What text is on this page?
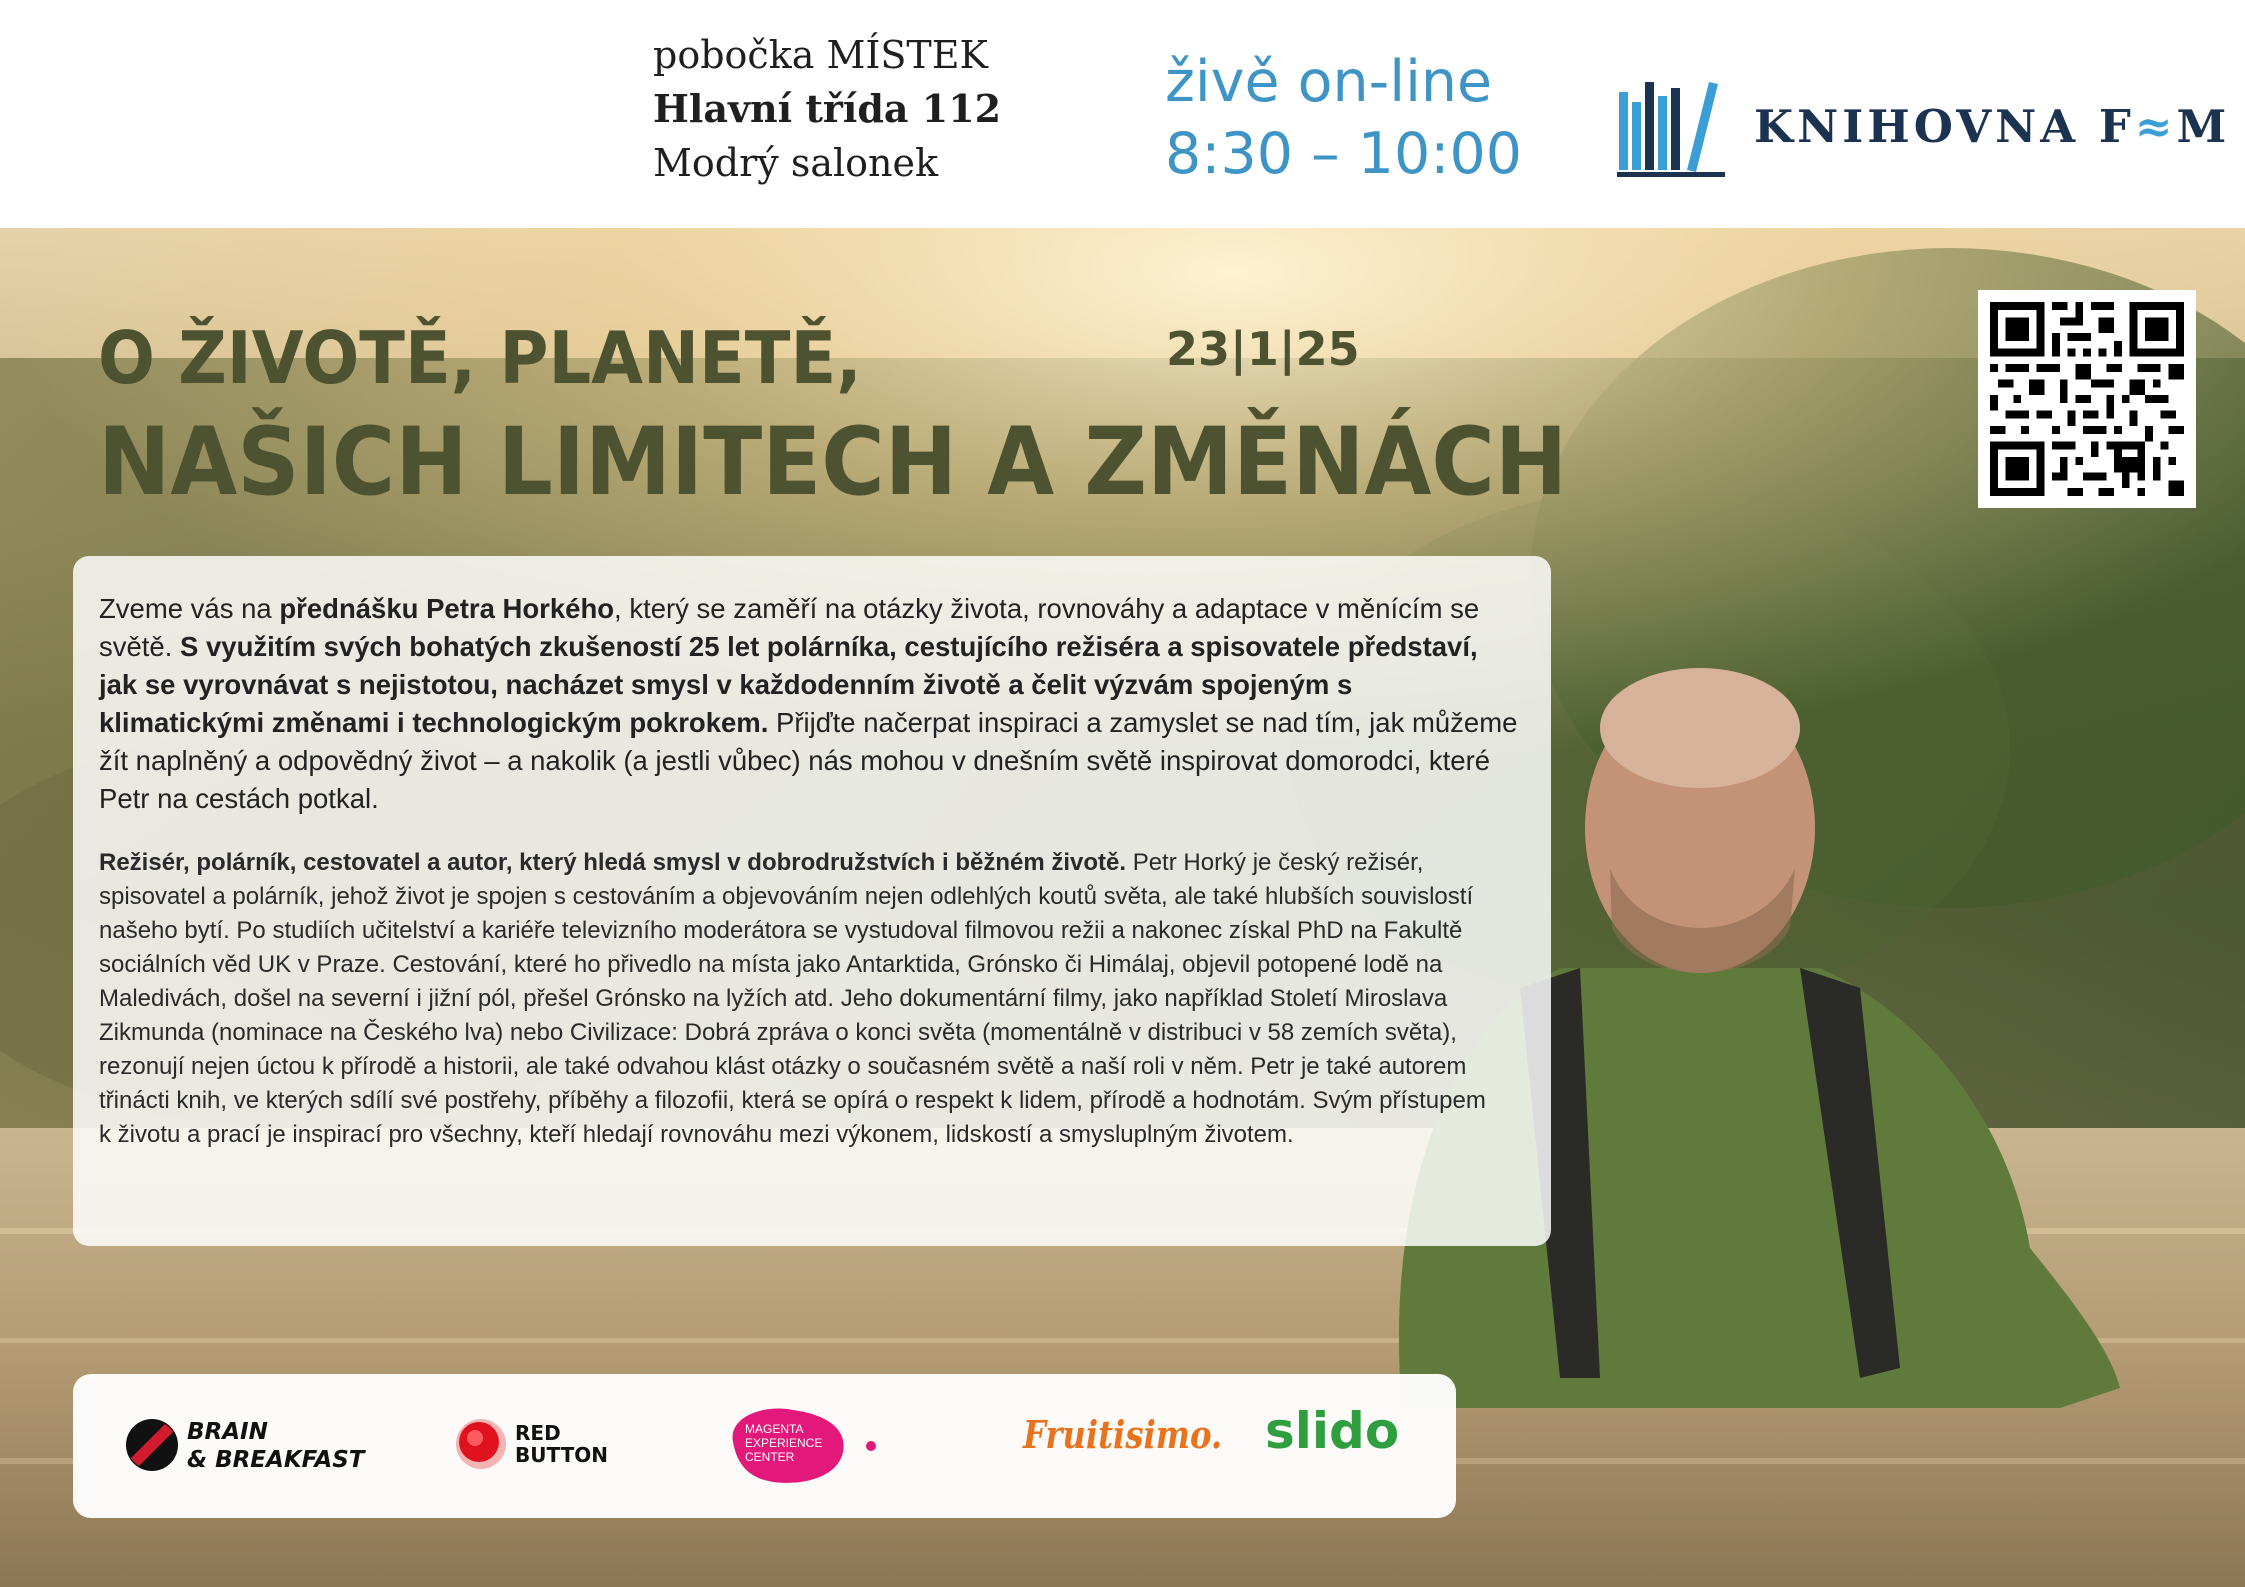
pobočka MÍSTEK
Hlavní třída 112
Modrý salonek
živě on-line
8:30 – 10:00	KNIHOVNA F≈M
O ŽIVOTĚ, PLANETĚ,
NAŠICH LIMITECH A ZMĚNÁCH
23|1|25
Zveme vás na přednášku Petra Horkého, který se zaměří na otázky života, rovnováhy a adaptace v měnícím se světě. S využitím svých bohatých zkušeností 25 let polárníka, cestujícího režiséra a spisovatele představí, jak se vyrovnávat s nejistotou, nacházet smysl v každodenním životě a čelit výzvám spojeným s klimatickými změnami i technologickým pokrokem. Přijďte načerpat inspiraci a zamyslet se nad tím, jak můžeme žít naplněný a odpovědný život – a nakolik (a jestli vůbec) nás mohou v dnešním světě inspirovat domorodci, které Petr na cestách potkal.
Režisér, polárník, cestovatel a autor, který hledá smysl v dobrodružstvích i běžném životě. Petr Horký je český režisér, spisovatel a polárník, jehož život je spojen s cestováním a objevováním nejen odlehlých koutů světa, ale také hlubších souvislostí našeho bytí. Po studiích učitelství a kariéře televizního moderátora se vystudoval filmovou režii a nakonec získal PhD na Fakultě sociálních věd UK v Praze. Cestování, které ho přivedlo na místa jako Antarktida, Grónsko či Himálaj, objevil potopené lodě na Maledivách, došel na severní i jižní pól, přešel Grónsko na lyžích atd. Jeho dokumentární filmy, jako například Století Miroslava Zikmunda (nominace na Českého lva) nebo Civilizace: Dobrá zpráva o konci světa (momentálně v distribuci v 58 zemích světa), rezonují nejen úctou k přírodě a historii, ale také odvahou klást otázky o současném světě a naší roli v něm. Petr je také autorem třinácti knih, ve kterých sdílí své postřehy, příběhy a filozofii, která se opírá o respekt k lidem, přírodě a hodnotám. Svým přístupem k životu a prací je inspirací pro všechny, kteří hledají rovnováhu mezi výkonem, lidskostí a smysluplným životem.
BRAIN
& BREAKFAST
RED
BUTTON
MAGENTA
EXPERIENCE
CENTER	Fruitisimo. slido
